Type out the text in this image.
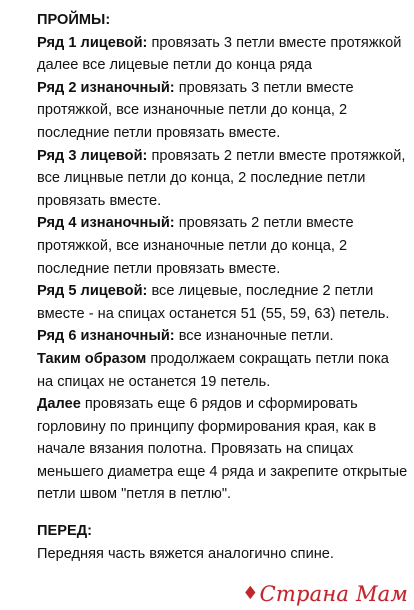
ПРОЙМЫ:

Ряд 1 лицевой: провязать 3 петли вместе протяжкой далее все лицевые петли до конца ряда

Ряд 2 изнаночный: провязать 3 петли вместе протяжкой, все изнаночные петли до конца, 2 последние петли провязать вместе.

Ряд 3 лицевой: провязать 2 петли вместе протяжкой, все лицнвые петли до конца, 2 последние петли провязать вместе.

Ряд 4 изнаночный: провязать 2 петли вместе протяжкой, все изнаночные петли до конца, 2 последние петли провязать вместе.

Ряд 5 лицевой: все лицевые, последние 2 петли вместе - на спицах останется 51 (55, 59, 63) петель.

Ряд 6 изнаночный: все изнаночные петли.

Таким образом продолжаем сокращать петли пока на спицах не останется 19 петель.

Далее провязать еще 6 рядов и сформировать горловину по принципу формирования края, как в начале вязания полотна. Провязать на спицах меньшего диаметра еще 4 ряда и закрепите открытые петли швом "петля в петлю".

ПЕРЕД:

Передняя часть вяжется аналогично спине.

♦Страна Мам
